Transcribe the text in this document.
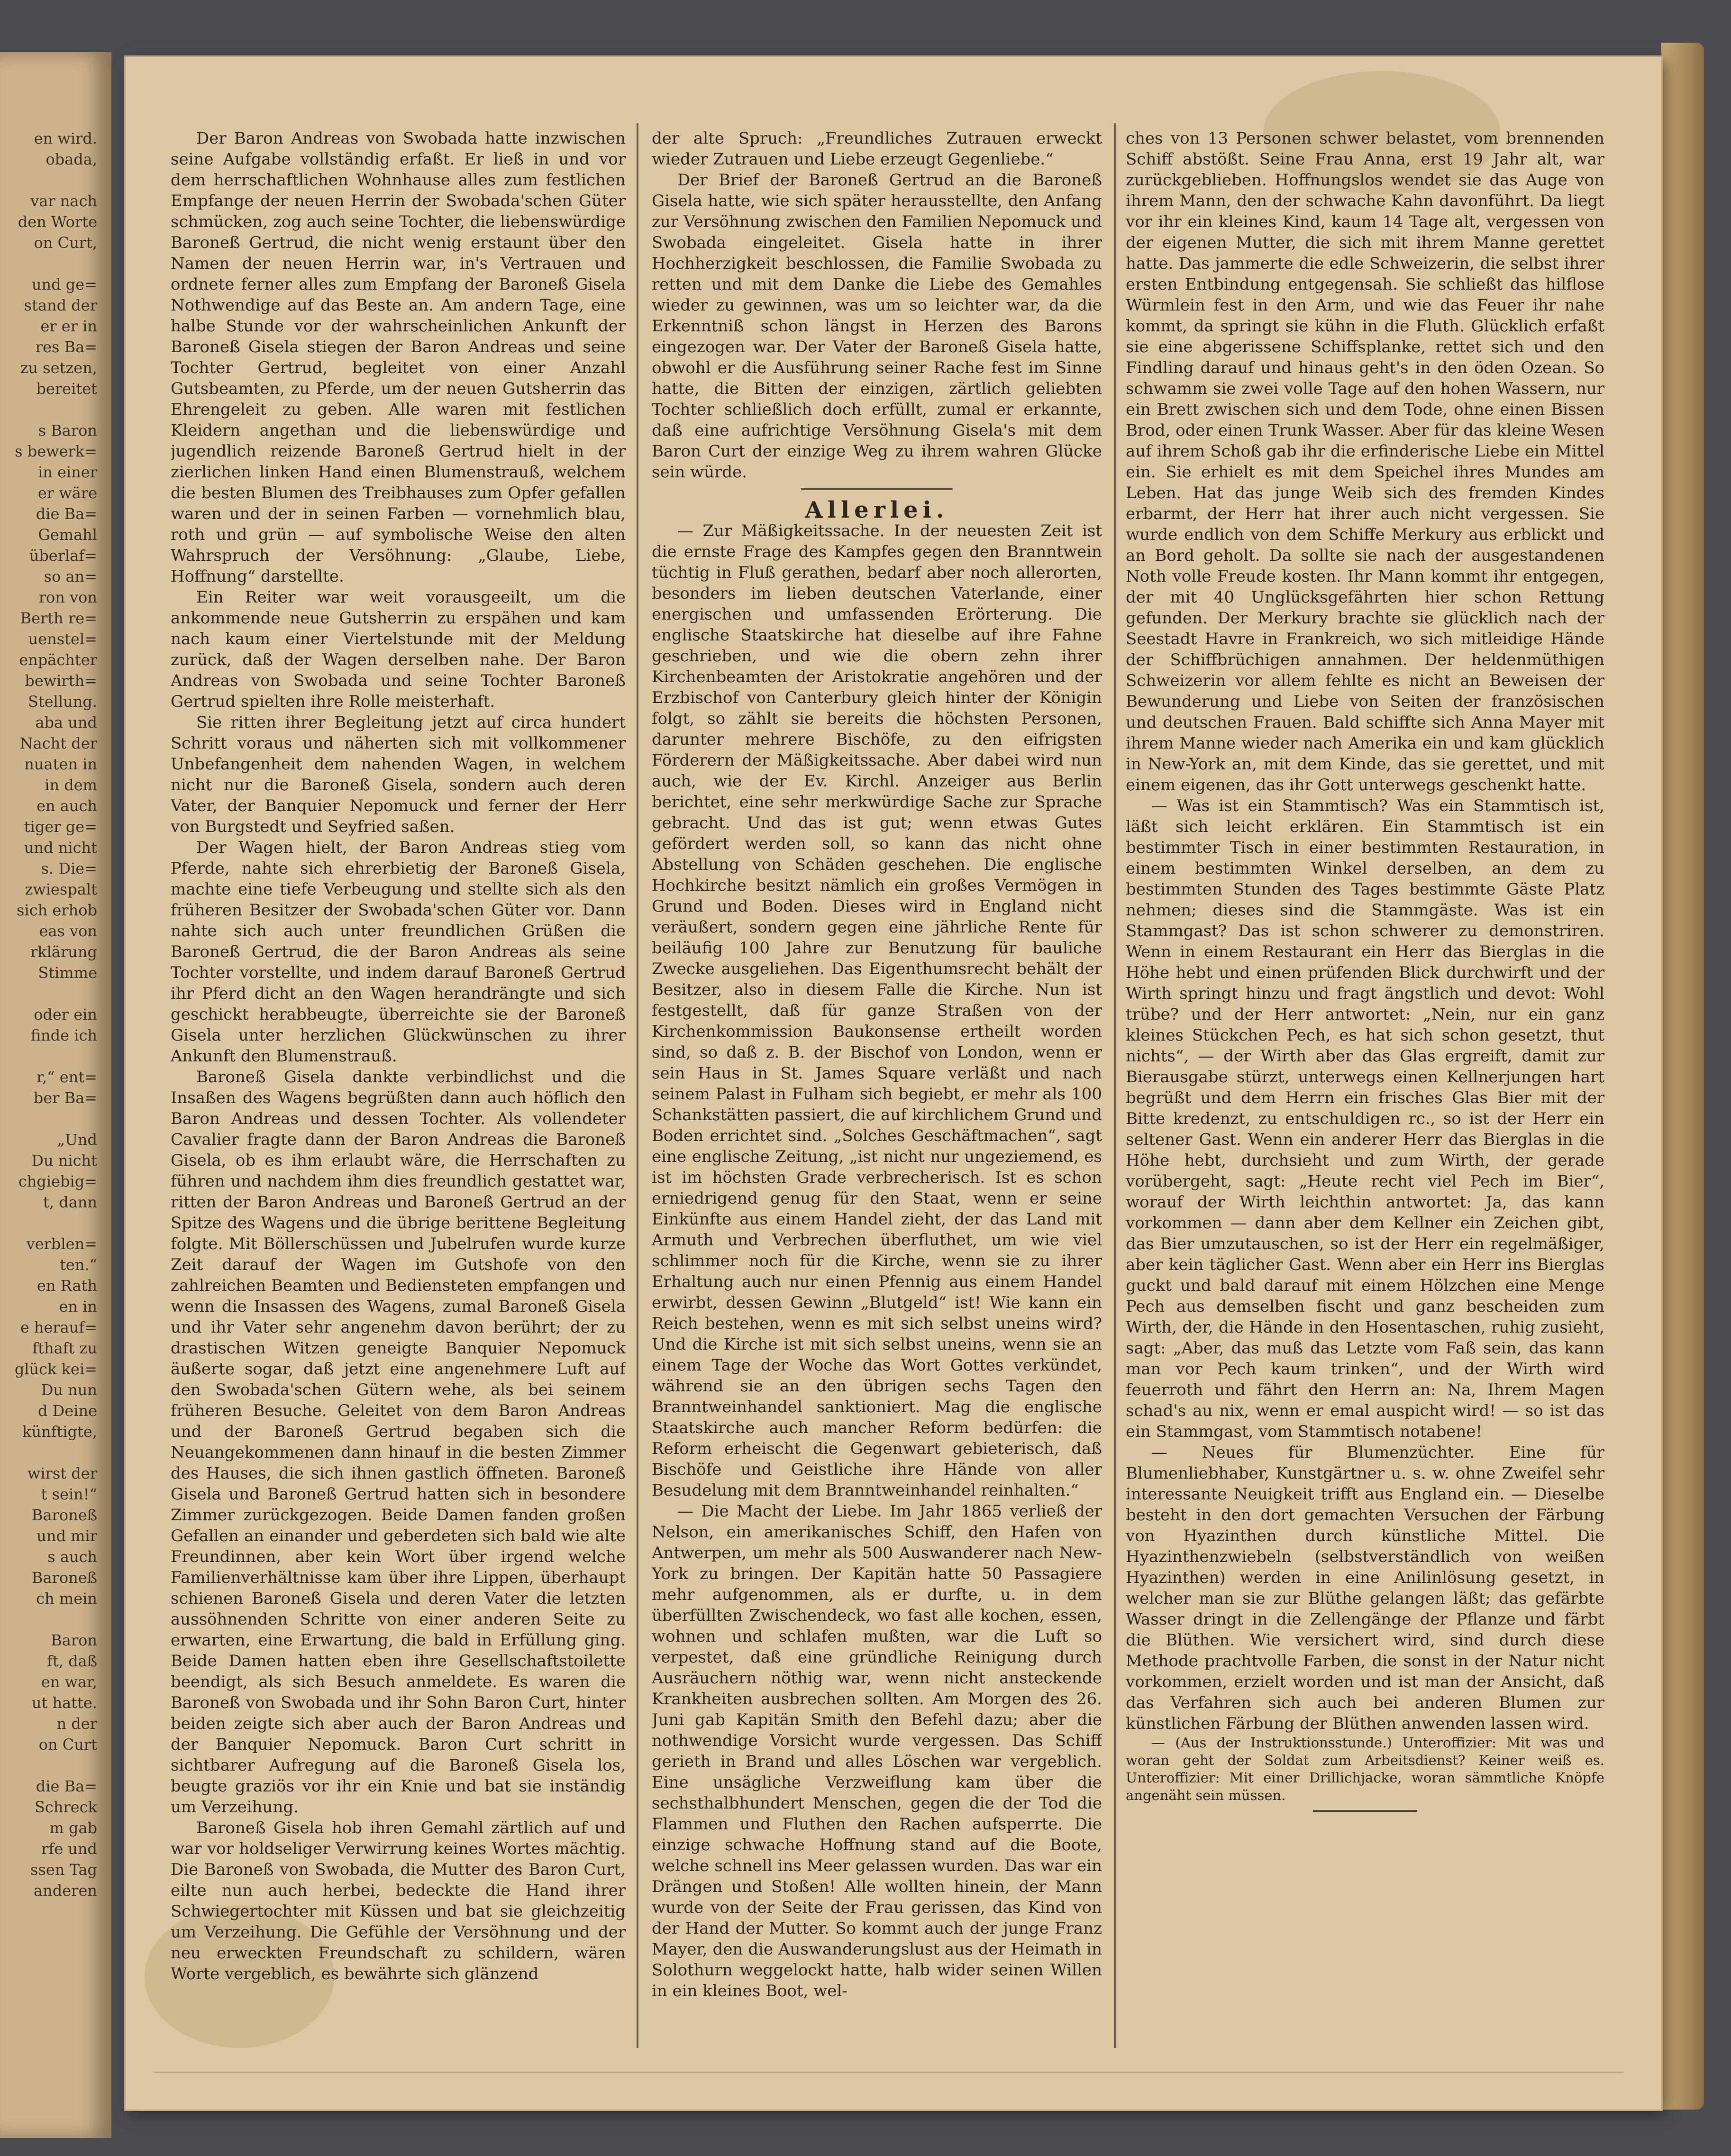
en wird.
obada,
var nach
den Worte
on Curt,
und ge=
stand der
er er in
res Ba=
zu setzen,
bereitet
s Baron
s bewerk=
in einer
er wäre
die Ba=
Gemahl
überlaf=
so an=
ron von
Berth re=
uenstel=
enpächter
bewirth=
Stellung.
aba und
Nacht der
nuaten in
in dem
en auch
tiger ge=
und nicht
s. Die=
zwiespalt
sich erhob
eas von
rklärung
Stimme
oder ein
finde ich
r,“ ent=
ber Ba=
„Und
Du nicht
chgiebig=
t, dann
verblen=
ten.“
en Rath
en in
e herauf=
fthaft zu
glück kei=
Du nun
d Deine
künftigte,
wirst der
t sein!“
Baroneß
und mir
s auch
Baroneß
ch mein
Baron
ft, daß
en war,
ut hatte.
n der
on Curt
die Ba=
Schreck
m gab
rfe und
ssen Tag
anderen

Der Baron Andreas von Swobada hatte inzwischen seine Aufgabe vollständig erfaßt. Er ließ in und vor dem herrschaftlichen Wohnhause alles zum festlichen Empfange der neuen Herrin der Swobada'schen Güter schmücken, zog auch seine Tochter, die liebenswürdige Baroneß Gertrud, die nicht wenig erstaunt über den Namen der neuen Herrin war, in's Vertrauen und ordnete ferner alles zum Empfang der Baroneß Gisela Nothwendige auf das Beste an. Am andern Tage, eine halbe Stunde vor der wahrscheinlichen Ankunft der Baroneß Gisela stiegen der Baron Andreas und seine Tochter Gertrud, begleitet von einer Anzahl Gutsbeamten, zu Pferde, um der neuen Gutsherrin das Ehrengeleit zu geben. Alle waren mit festlichen Kleidern angethan und die liebenswürdige und jugendlich reizende Baroneß Gertrud hielt in der zierlichen linken Hand einen Blumenstrauß, welchem die besten Blumen des Treibhauses zum Opfer gefallen waren und der in seinen Farben — vornehmlich blau, roth und grün — auf symbolische Weise den alten Wahrspruch der Versöhnung: „Glaube, Liebe, Hoffnung“ darstellte.

Ein Reiter war weit vorausgeeilt, um die ankommende neue Gutsherrin zu erspähen und kam nach kaum einer Viertelstunde mit der Meldung zurück, daß der Wagen derselben nahe. Der Baron Andreas von Swobada und seine Tochter Baroneß Gertrud spielten ihre Rolle meisterhaft.

Sie ritten ihrer Begleitung jetzt auf circa hundert Schritt voraus und näherten sich mit vollkommener Unbefangenheit dem nahenden Wagen, in welchem nicht nur die Baroneß Gisela, sondern auch deren Vater, der Banquier Nepomuck und ferner der Herr von Burgstedt und Seyfried saßen.

Der Wagen hielt, der Baron Andreas stieg vom Pferde, nahte sich ehrerbietig der Baroneß Gisela, machte eine tiefe Verbeugung und stellte sich als den früheren Besitzer der Swobada'schen Güter vor. Dann nahte sich auch unter freundlichen Grüßen die Baroneß Gertrud, die der Baron Andreas als seine Tochter vorstellte, und indem darauf Baroneß Gertrud ihr Pferd dicht an den Wagen herandrängte und sich geschickt herabbeugte, überreichte sie der Baroneß Gisela unter herzlichen Glückwünschen zu ihrer Ankunft den Blumenstrauß.

Baroneß Gisela dankte verbindlichst und die Insaßen des Wagens begrüßten dann auch höflich den Baron Andreas und dessen Tochter. Als vollendeter Cavalier fragte dann der Baron Andreas die Baroneß Gisela, ob es ihm erlaubt wäre, die Herrschaften zu führen und nachdem ihm dies freundlich gestattet war, ritten der Baron Andreas und Baroneß Gertrud an der Spitze des Wagens und die übrige berittene Begleitung folgte. Mit Böllerschüssen und Jubelrufen wurde kurze Zeit darauf der Wagen im Gutshofe von den zahlreichen Beamten und Bediensteten empfangen und wenn die Insassen des Wagens, zumal Baroneß Gisela und ihr Vater sehr angenehm davon berührt; der zu drastischen Witzen geneigte Banquier Nepomuck äußerte sogar, daß jetzt eine angenehmere Luft auf den Swobada'schen Gütern wehe, als bei seinem früheren Besuche. Geleitet von dem Baron Andreas und der Baroneß Gertrud begaben sich die Neuangekommenen dann hinauf in die besten Zimmer des Hauses, die sich ihnen gastlich öffneten. Baroneß Gisela und Baroneß Gertrud hatten sich in besondere Zimmer zurückgezogen. Beide Damen fanden großen Gefallen an einander und geberdeten sich bald wie alte Freundinnen, aber kein Wort über irgend welche Familienverhältnisse kam über ihre Lippen, überhaupt schienen Baroneß Gisela und deren Vater die letzten aussöhnenden Schritte von einer anderen Seite zu erwarten, eine Erwartung, die bald in Erfüllung ging. Beide Damen hatten eben ihre Gesellschaftstoilette beendigt, als sich Besuch anmeldete. Es waren die Baroneß von Swobada und ihr Sohn Baron Curt, hinter beiden zeigte sich aber auch der Baron Andreas und der Banquier Nepomuck. Baron Curt schritt in sichtbarer Aufregung auf die Baroneß Gisela los, beugte graziös vor ihr ein Knie und bat sie inständig um Verzeihung.

Baroneß Gisela hob ihren Gemahl zärtlich auf und war vor holdseliger Verwirrung keines Wortes mächtig. Die Baroneß von Swobada, die Mutter des Baron Curt, eilte nun auch herbei, bedeckte die Hand ihrer Schwiegertochter mit Küssen und bat sie gleichzeitig um Verzeihung. Die Gefühle der Versöhnung und der neu erweckten Freundschaft zu schildern, wären Worte vergeblich, es bewährte sich glänzend

der alte Spruch: „Freundliches Zutrauen erweckt wieder Zutrauen und Liebe erzeugt Gegenliebe.“

Der Brief der Baroneß Gertrud an die Baroneß Gisela hatte, wie sich später herausstellte, den Anfang zur Versöhnung zwischen den Familien Nepomuck und Swobada eingeleitet. Gisela hatte in ihrer Hochherzigkeit beschlossen, die Familie Swobada zu retten und mit dem Danke die Liebe des Gemahles wieder zu gewinnen, was um so leichter war, da die Erkenntniß schon längst in Herzen des Barons eingezogen war. Der Vater der Baroneß Gisela hatte, obwohl er die Ausführung seiner Rache fest im Sinne hatte, die Bitten der einzigen, zärtlich geliebten Tochter schließlich doch erfüllt, zumal er erkannte, daß eine aufrichtige Versöhnung Gisela's mit dem Baron Curt der einzige Weg zu ihrem wahren Glücke sein würde.

Allerlei.

— Zur Mäßigkeitssache. In der neuesten Zeit ist die ernste Frage des Kampfes gegen den Branntwein tüchtig in Fluß gerathen, bedarf aber noch allerorten, besonders im lieben deutschen Vaterlande, einer energischen und umfassenden Erörterung. Die englische Staatskirche hat dieselbe auf ihre Fahne geschrieben, und wie die obern zehn ihrer Kirchenbeamten der Aristokratie angehören und der Erzbischof von Canterbury gleich hinter der Königin folgt, so zählt sie bereits die höchsten Personen, darunter mehrere Bischöfe, zu den eifrigsten Förderern der Mäßigkeitssache. Aber dabei wird nun auch, wie der Ev. Kirchl. Anzeiger aus Berlin berichtet, eine sehr merkwürdige Sache zur Sprache gebracht. Und das ist gut; wenn etwas Gutes gefördert werden soll, so kann das nicht ohne Abstellung von Schäden geschehen. Die englische Hochkirche besitzt nämlich ein großes Vermögen in Grund und Boden. Dieses wird in England nicht veräußert, sondern gegen eine jährliche Rente für beiläufig 100 Jahre zur Benutzung für bauliche Zwecke ausgeliehen. Das Eigenthumsrecht behält der Besitzer, also in diesem Falle die Kirche. Nun ist festgestellt, daß für ganze Straßen von der Kirchenkommission Baukonsense ertheilt worden sind, so daß z. B. der Bischof von London, wenn er sein Haus in St. James Square verläßt und nach seinem Palast in Fulham sich begiebt, er mehr als 100 Schankstätten passiert, die auf kirchlichem Grund und Boden errichtet sind. „Solches Geschäftmachen“, sagt eine englische Zeitung, „ist nicht nur ungeziemend, es ist im höchsten Grade verbrecherisch. Ist es schon erniedrigend genug für den Staat, wenn er seine Einkünfte aus einem Handel zieht, der das Land mit Armuth und Verbrechen überfluthet, um wie viel schlimmer noch für die Kirche, wenn sie zu ihrer Erhaltung auch nur einen Pfennig aus einem Handel erwirbt, dessen Gewinn „Blutgeld“ ist! Wie kann ein Reich bestehen, wenn es mit sich selbst uneins wird? Und die Kirche ist mit sich selbst uneins, wenn sie an einem Tage der Woche das Wort Gottes verkündet, während sie an den übrigen sechs Tagen den Branntweinhandel sanktioniert. Mag die englische Staatskirche auch mancher Reform bedürfen: die Reform erheischt die Gegenwart gebieterisch, daß Bischöfe und Geistliche ihre Hände von aller Besudelung mit dem Branntweinhandel reinhalten.“

— Die Macht der Liebe. Im Jahr 1865 verließ der Nelson, ein amerikanisches Schiff, den Hafen von Antwerpen, um mehr als 500 Auswanderer nach New-York zu bringen. Der Kapitän hatte 50 Passagiere mehr aufgenommen, als er durfte, u. in dem überfüllten Zwischendeck, wo fast alle kochen, essen, wohnen und schlafen mußten, war die Luft so verpestet, daß eine gründliche Reinigung durch Ausräuchern nöthig war, wenn nicht ansteckende Krankheiten ausbrechen sollten. Am Morgen des 26. Juni gab Kapitän Smith den Befehl dazu; aber die nothwendige Vorsicht wurde vergessen. Das Schiff gerieth in Brand und alles Löschen war vergeblich. Eine unsägliche Verzweiflung kam über die sechsthalbhundert Menschen, gegen die der Tod die Flammen und Fluthen den Rachen aufsperrte. Die einzige schwache Hoffnung stand auf die Boote, welche schnell ins Meer gelassen wurden. Das war ein Drängen und Stoßen! Alle wollten hinein, der Mann wurde von der Seite der Frau gerissen, das Kind von der Hand der Mutter. So kommt auch der junge Franz Mayer, den die Auswanderungslust aus der Heimath in Solothurn weggelockt hatte, halb wider seinen Willen in ein kleines Boot, wel-

ches von 13 Personen schwer belastet, vom brennenden Schiff abstößt. Seine Frau Anna, erst 19 Jahr alt, war zurückgeblieben. Hoffnungslos wendet sie das Auge von ihrem Mann, den der schwache Kahn davonführt. Da liegt vor ihr ein kleines Kind, kaum 14 Tage alt, vergessen von der eigenen Mutter, die sich mit ihrem Manne gerettet hatte. Das jammerte die edle Schweizerin, die selbst ihrer ersten Entbindung entgegensah. Sie schließt das hilflose Würmlein fest in den Arm, und wie das Feuer ihr nahe kommt, da springt sie kühn in die Fluth. Glücklich erfaßt sie eine abgerissene Schiffsplanke, rettet sich und den Findling darauf und hinaus geht's in den öden Ozean. So schwamm sie zwei volle Tage auf den hohen Wassern, nur ein Brett zwischen sich und dem Tode, ohne einen Bissen Brod, oder einen Trunk Wasser. Aber für das kleine Wesen auf ihrem Schoß gab ihr die erfinderische Liebe ein Mittel ein. Sie erhielt es mit dem Speichel ihres Mundes am Leben. Hat das junge Weib sich des fremden Kindes erbarmt, der Herr hat ihrer auch nicht vergessen. Sie wurde endlich von dem Schiffe Merkury aus erblickt und an Bord geholt. Da sollte sie nach der ausgestandenen Noth volle Freude kosten. Ihr Mann kommt ihr entgegen, der mit 40 Unglücksgefährten hier schon Rettung gefunden. Der Merkury brachte sie glücklich nach der Seestadt Havre in Frankreich, wo sich mitleidige Hände der Schiffbrüchigen annahmen. Der heldenmüthigen Schweizerin vor allem fehlte es nicht an Beweisen der Bewunderung und Liebe von Seiten der französischen und deutschen Frauen. Bald schiffte sich Anna Mayer mit ihrem Manne wieder nach Amerika ein und kam glücklich in New-York an, mit dem Kinde, das sie gerettet, und mit einem eigenen, das ihr Gott unterwegs geschenkt hatte.

— Was ist ein Stammtisch? Was ein Stammtisch ist, läßt sich leicht erklären. Ein Stammtisch ist ein bestimmter Tisch in einer bestimmten Restauration, in einem bestimmten Winkel derselben, an dem zu bestimmten Stunden des Tages bestimmte Gäste Platz nehmen; dieses sind die Stammgäste. Was ist ein Stammgast? Das ist schon schwerer zu demonstriren. Wenn in einem Restaurant ein Herr das Bierglas in die Höhe hebt und einen prüfenden Blick durchwirft und der Wirth springt hinzu und fragt ängstlich und devot: Wohl trübe? und der Herr antwortet: „Nein, nur ein ganz kleines Stückchen Pech, es hat sich schon gesetzt, thut nichts“, — der Wirth aber das Glas ergreift, damit zur Bierausgabe stürzt, unterwegs einen Kellnerjungen hart begrüßt und dem Herrn ein frisches Glas Bier mit der Bitte kredenzt, zu entschuldigen rc., so ist der Herr ein seltener Gast. Wenn ein anderer Herr das Bierglas in die Höhe hebt, durchsieht und zum Wirth, der gerade vorübergeht, sagt: „Heute recht viel Pech im Bier“, worauf der Wirth leichthin antwortet: Ja, das kann vorkommen — dann aber dem Kellner ein Zeichen gibt, das Bier umzutauschen, so ist der Herr ein regelmäßiger, aber kein täglicher Gast. Wenn aber ein Herr ins Bierglas guckt und bald darauf mit einem Hölzchen eine Menge Pech aus demselben fischt und ganz bescheiden zum Wirth, der, die Hände in den Hosentaschen, ruhig zusieht, sagt: „Aber, das muß das Letzte vom Faß sein, das kann man vor Pech kaum trinken“, und der Wirth wird feuerroth und fährt den Herrn an: Na, Ihrem Magen schad's au nix, wenn er emal auspicht wird! — so ist das ein Stammgast, vom Stammtisch notabene!

— Neues für Blumenzüchter. Eine für Blumenliebhaber, Kunstgärtner u. s. w. ohne Zweifel sehr interessante Neuigkeit trifft aus England ein. — Dieselbe besteht in den dort gemachten Versuchen der Färbung von Hyazinthen durch künstliche Mittel. Die Hyazinthenzwiebeln (selbstverständlich von weißen Hyazinthen) werden in eine Anilinlösung gesetzt, in welcher man sie zur Blüthe gelangen läßt; das gefärbte Wasser dringt in die Zellengänge der Pflanze und färbt die Blüthen. Wie versichert wird, sind durch diese Methode prachtvolle Farben, die sonst in der Natur nicht vorkommen, erzielt worden und ist man der Ansicht, daß das Verfahren sich auch bei anderen Blumen zur künstlichen Färbung der Blüthen anwenden lassen wird.

— (Aus der Instruktionsstunde.) Unteroffizier: Mit was und woran geht der Soldat zum Arbeitsdienst? Keiner weiß es. Unteroffizier: Mit einer Drillichjacke, woran sämmtliche Knöpfe angenäht sein müssen.
